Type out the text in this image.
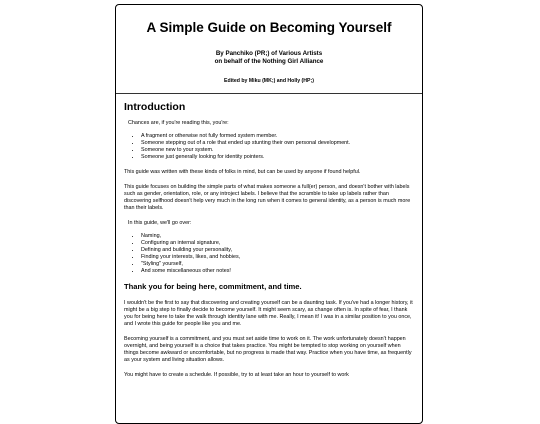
A Simple Guide on Becoming Yourself
By Panchiko (PR;) of Various Artists
on behalf of the Nothing Girl Alliance
Edited by Miku (MK;) and Holly (HP;)
Introduction

Chances are, if you're reading this, you're:

• A fragment or otherwise not fully formed system member.
• Someone stepping out of a role that ended up stunting their own personal development.
• Someone new to your system.
• Someone just generally looking for identity pointers.

This guide was written with these kinds of folks in mind, but can be used by anyone if found helpful.

This guide focuses on building the simple parts of what makes someone a full(er) person, and doesn't bother with labels such as gender, orientation, role, or any introject labels. I believe that the scramble to take up labels rather than discovering selfhood doesn't help very much in the long run when it comes to general identity, as a person is much more than their labels.

In this guide, we'll go over:

• Naming,
• Configuring an internal signature,
• Defining and building your personality,
• Finding your interests, likes, and hobbies,
• "Styling" yourself,
• And some miscellaneous other notes!
Thank you for being here, commitment, and time.

I wouldn't be the first to say that discovering and creating yourself can be a daunting task. If you've had a longer history, it might be a big step to finally decide to become yourself. It might seem scary, as change often is. In spite of fear, I thank you for being here to take the walk through identity lane with me. Really, I mean it! I was in a similar position to you once, and I wrote this guide for people like you and me.

Becoming yourself is a commitment, and you must set aside time to work on it. The work unfortunately doesn't happen overnight, and being yourself is a choice that takes practice. You might be tempted to stop working on yourself when things become awkward or uncomfortable, but no progress is made that way. Practice when you have time, as frequently as your system and living situation allows.

You might have to create a schedule. If possible, try to at least take an hour to yourself to work
